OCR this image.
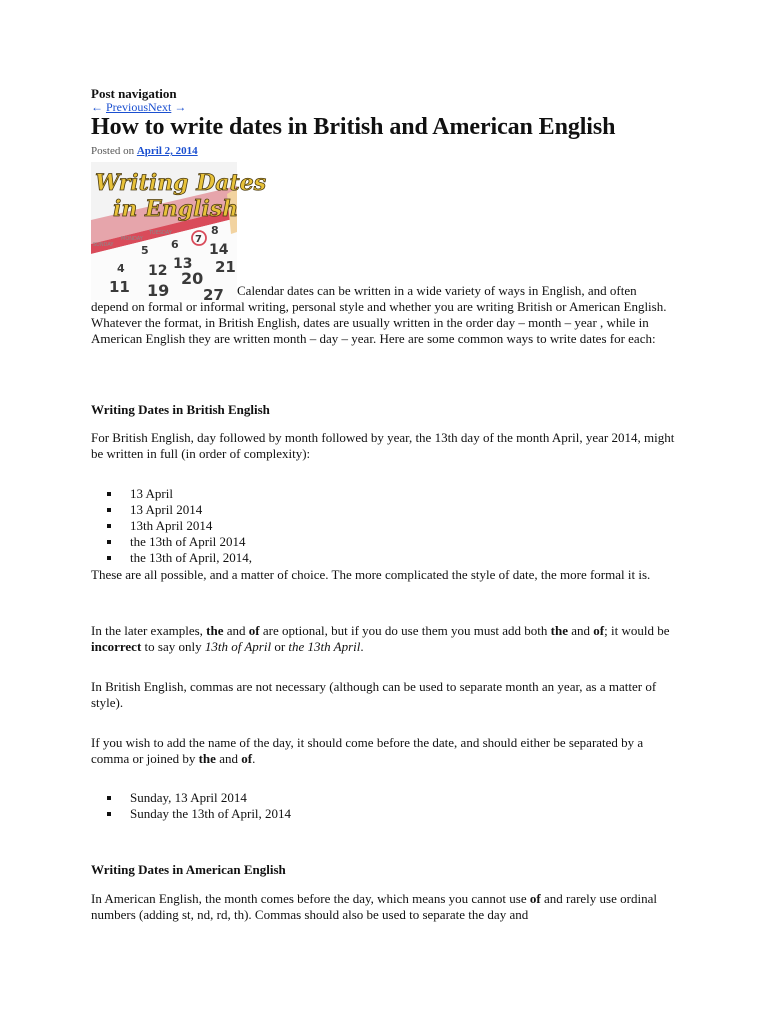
Post navigation
← PreviousNext →
How to write dates in British and American English
Posted on April 2, 2014
SUNDAY
MONDAY
TUESDAY
5 6
8
4 12 13
14
11 19
20
21
27
7
Writing Dates
in English
Calendar dates can be written in a wide variety of ways in English, and often depend on formal or informal writing, personal style and whether you are writing British or American English. Whatever the format, in British English, dates are usually written in the order day – month – year , while in American English they are written month – day – year. Here are some common ways to write dates for each:
Writing Dates in British English
For British English, day followed by month followed by year, the 13th day of the month April, year 2014, might be written in full (in order of complexity):
13 April
13 April 2014
13th April 2014
the 13th of April 2014
the 13th of April, 2014,
These are all possible, and a matter of choice. The more complicated the style of date, the more formal it is.
In the later examples, the and of are optional, but if you do use them you must add both the and of; it would be incorrect to say only 13th of April or the 13th April.
In British English, commas are not necessary (although can be used to separate month an year, as a matter of style).
If you wish to add the name of the day, it should come before the date, and should either be separated by a comma or joined by the and of.
Sunday, 13 April 2014
Sunday the 13th of April, 2014
Writing Dates in American English
In American English, the month comes before the day, which means you cannot use of and rarely use ordinal numbers (adding st, nd, rd, th). Commas should also be used to separate the day and
